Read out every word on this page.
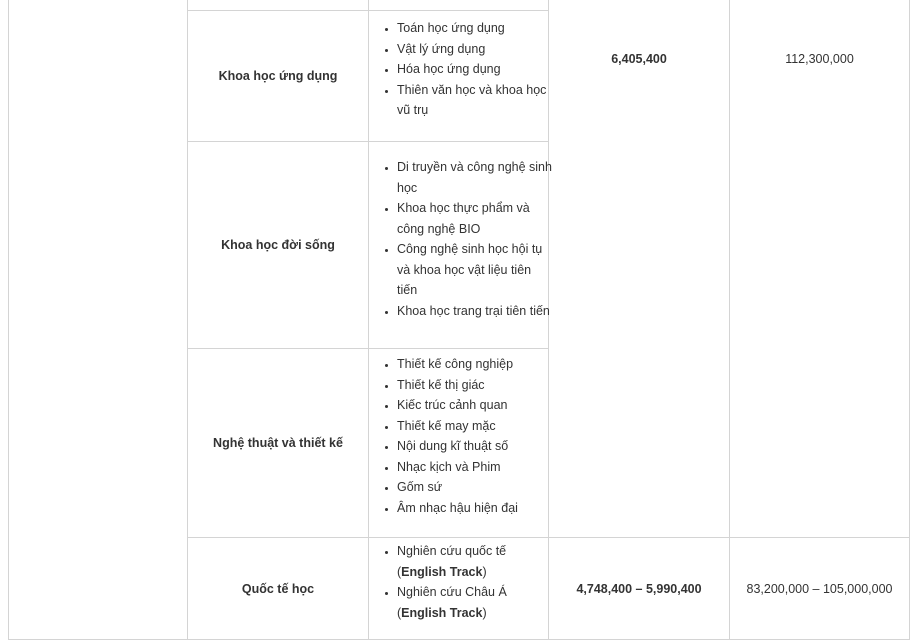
Khoa học ứng dụng
• Toán học ứng dụng
• Vật lý ứng dụng
• Hóa học ứng dụng
• Thiên văn học và khoa học vũ trụ
Khoa học đời sống
• Di truyền và công nghệ sinh học
• Khoa học thực phẩm và công nghệ BIO
• Công nghệ sinh học hội tụ và khoa học vật liệu tiên tiến
• Khoa học trang trại tiên tiến
Nghệ thuật và thiết kế
• Thiết kế công nghiệp
• Thiết kế thị giác
• Kiếc trúc cảnh quan
• Thiết kế may mặc
• Nội dung kĩ thuật số
• Nhạc kịch và Phim
• Gốm sứ
• Âm nhạc hậu hiện đại
6,405,400	112,300,000
Quốc tế học
• Nghiên cứu quốc tế
(English Track)
• Nghiên cứu Châu Á
(English Track)
4,748,400 – 5,990,400	83,200,000 – 105,000,000
